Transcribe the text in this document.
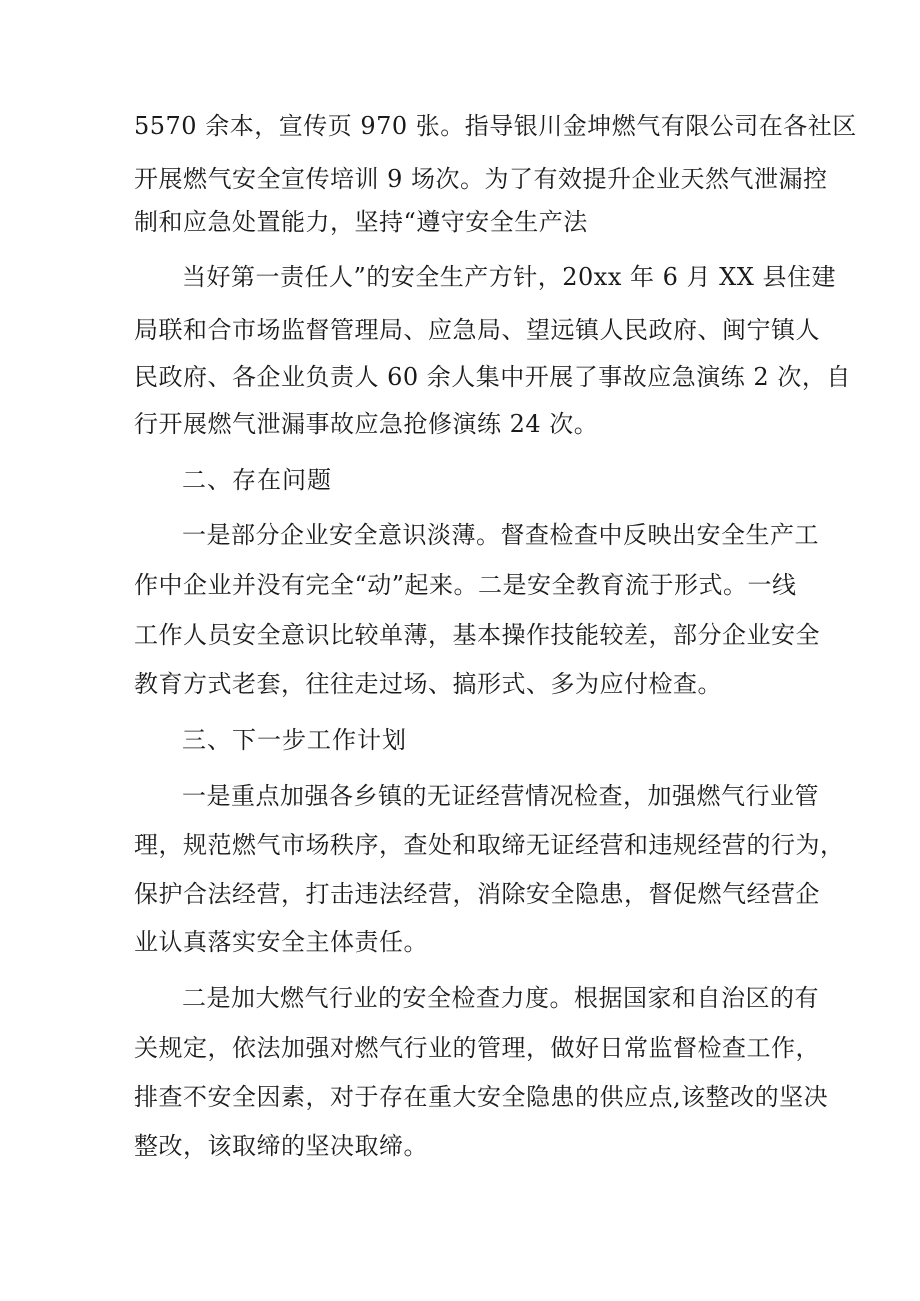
5570 余本，宣传页 970 张。指导银川金坤燃气有限公司在各社区
开展燃气安全宣传培训 9 场次。为了有效提升企业天然气泄漏控
制和应急处置能力，坚持“遵守安全生产法
当好第一责任人”的安全生产方针，20xx 年 6 月 XX 县住建
局联和合市场监督管理局、应急局、望远镇人民政府、闽宁镇人
民政府、各企业负责人 60 余人集中开展了事故应急演练 2 次，自
行开展燃气泄漏事故应急抢修演练 24 次。
二、存在问题
一是部分企业安全意识淡薄。督查检查中反映出安全生产工
作中企业并没有完全“动”起来。二是安全教育流于形式。一线
工作人员安全意识比较单薄，基本操作技能较差，部分企业安全
教育方式老套，往往走过场、搞形式、多为应付检查。
三、下一步工作计划
一是重点加强各乡镇的无证经营情况检查，加强燃气行业管
理，规范燃气市场秩序，查处和取缔无证经营和违规经营的行为，
保护合法经营，打击违法经营，消除安全隐患，督促燃气经营企
业认真落实安全主体责任。
二是加大燃气行业的安全检查力度。根据国家和自治区的有
关规定，依法加强对燃气行业的管理，做好日常监督检查工作，
排查不安全因素，对于存在重大安全隐患的供应点,该整改的坚决
整改，该取缔的坚决取缔。
